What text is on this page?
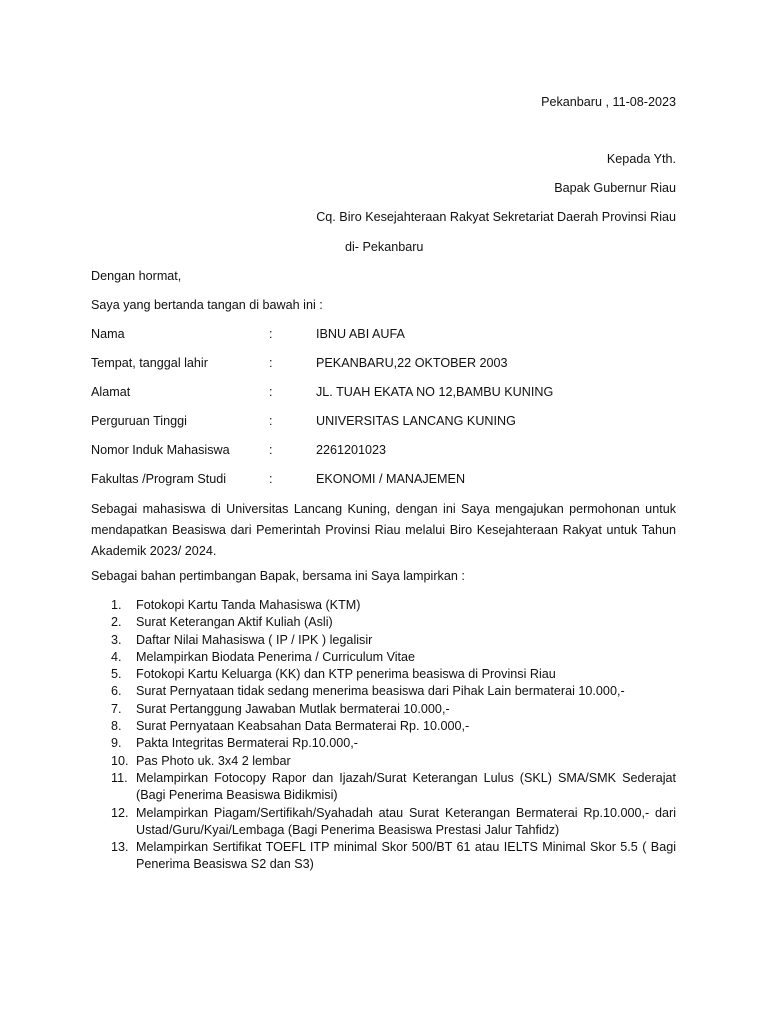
Pekanbaru , 11-08-2023
Kepada Yth.
Bapak Gubernur Riau
Cq. Biro Kesejahteraan Rakyat Sekretariat Daerah Provinsi Riau
di- Pekanbaru
Dengan hormat,
Saya yang bertanda tangan di bawah ini :
Nama	:	IBNU ABI AUFA
Tempat, tanggal lahir	:	PEKANBARU,22 OKTOBER 2003
Alamat	:	JL. TUAH EKATA NO 12,BAMBU KUNING
Perguruan Tinggi	:	UNIVERSITAS LANCANG KUNING
Nomor Induk Mahasiswa	:	2261201023
Fakultas /Program Studi	:	EKONOMI / MANAJEMEN
Sebagai mahasiswa di Universitas Lancang Kuning, dengan ini Saya mengajukan permohonan untuk mendapatkan Beasiswa dari Pemerintah Provinsi Riau melalui Biro Kesejahteraan Rakyat untuk Tahun Akademik 2023/ 2024.
Sebagai bahan pertimbangan Bapak, bersama ini Saya lampirkan :
1. Fotokopi Kartu Tanda Mahasiswa (KTM)
2. Surat Keterangan Aktif Kuliah (Asli)
3. Daftar Nilai Mahasiswa ( IP / IPK ) legalisir
4. Melampirkan Biodata Penerima / Curriculum Vitae
5. Fotokopi Kartu Keluarga (KK) dan KTP penerima beasiswa di Provinsi Riau
6. Surat Pernyataan tidak sedang menerima beasiswa dari Pihak Lain bermaterai 10.000,-
7. Surat Pertanggung Jawaban Mutlak bermaterai 10.000,-
8. Surat Pernyataan Keabsahan Data Bermaterai Rp. 10.000,-
9. Pakta Integritas Bermaterai Rp.10.000,-
10. Pas Photo uk. 3x4 2 lembar
11. Melampirkan Fotocopy Rapor dan Ijazah/Surat Keterangan Lulus (SKL) SMA/SMK Sederajat (Bagi Penerima Beasiswa Bidikmisi)
12. Melampirkan Piagam/Sertifikah/Syahadah atau Surat Keterangan Bermaterai Rp.10.000,- dari Ustad/Guru/Kyai/Lembaga (Bagi Penerima Beasiswa Prestasi Jalur Tahfidz)
13. Melampirkan Sertifikat TOEFL ITP minimal Skor 500/BT 61 atau IELTS Minimal Skor 5.5 ( Bagi Penerima Beasiswa S2 dan S3)
